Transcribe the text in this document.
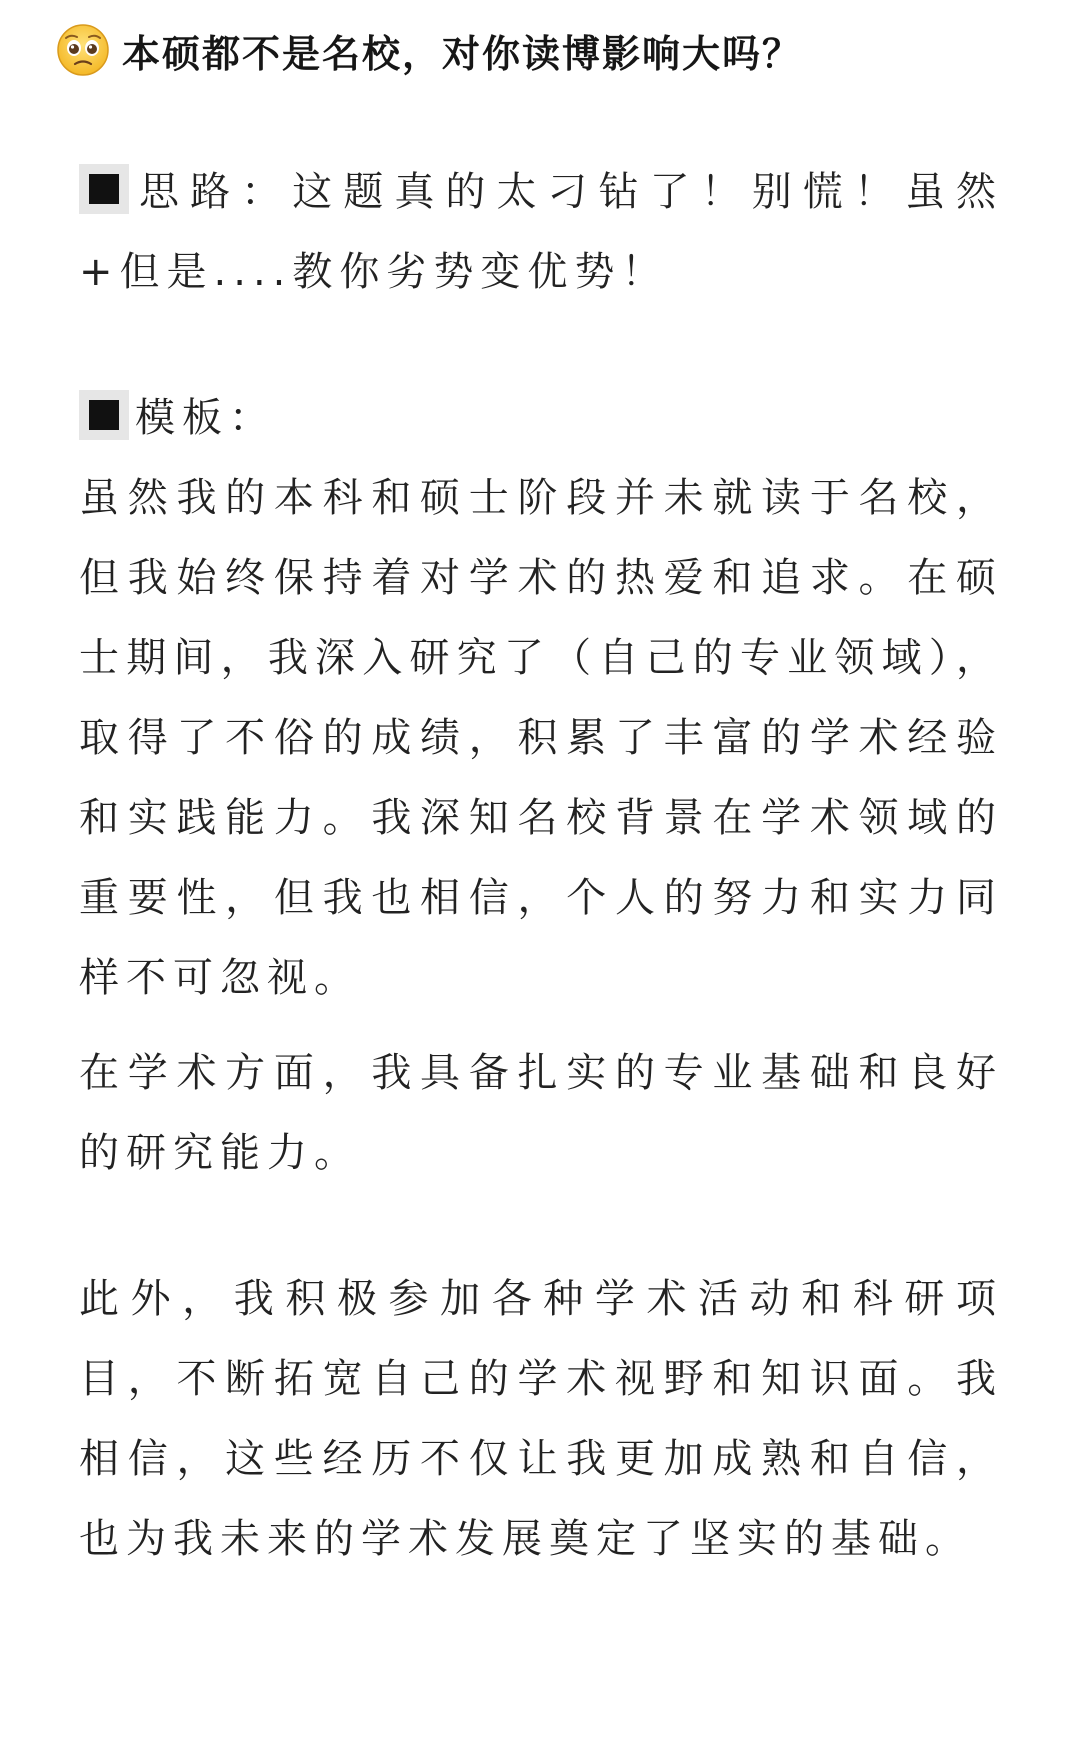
本硕都不是名校，对你读博影响大吗？

思路：这题真的太刁钻了！别慌！虽然+但是....教你劣势变优势！

模板：

虽然我的本科和硕士阶段并未就读于名校，但我始终保持着对学术的热爱和追求。在硕士期间，我深入研究了（自己的专业领域），取得了不俗的成绩，积累了丰富的学术经验和实践能力。我深知名校背景在学术领域的重要性，但我也相信，个人的努力和实力同样不可忽视。

在学术方面，我具备扎实的专业基础和良好的研究能力。

此外，我积极参加各种学术活动和科研项目，不断拓宽自己的学术视野和知识面。我相信，这些经历不仅让我更加成熟和自信，也为我未来的学术发展奠定了坚实的基础。
